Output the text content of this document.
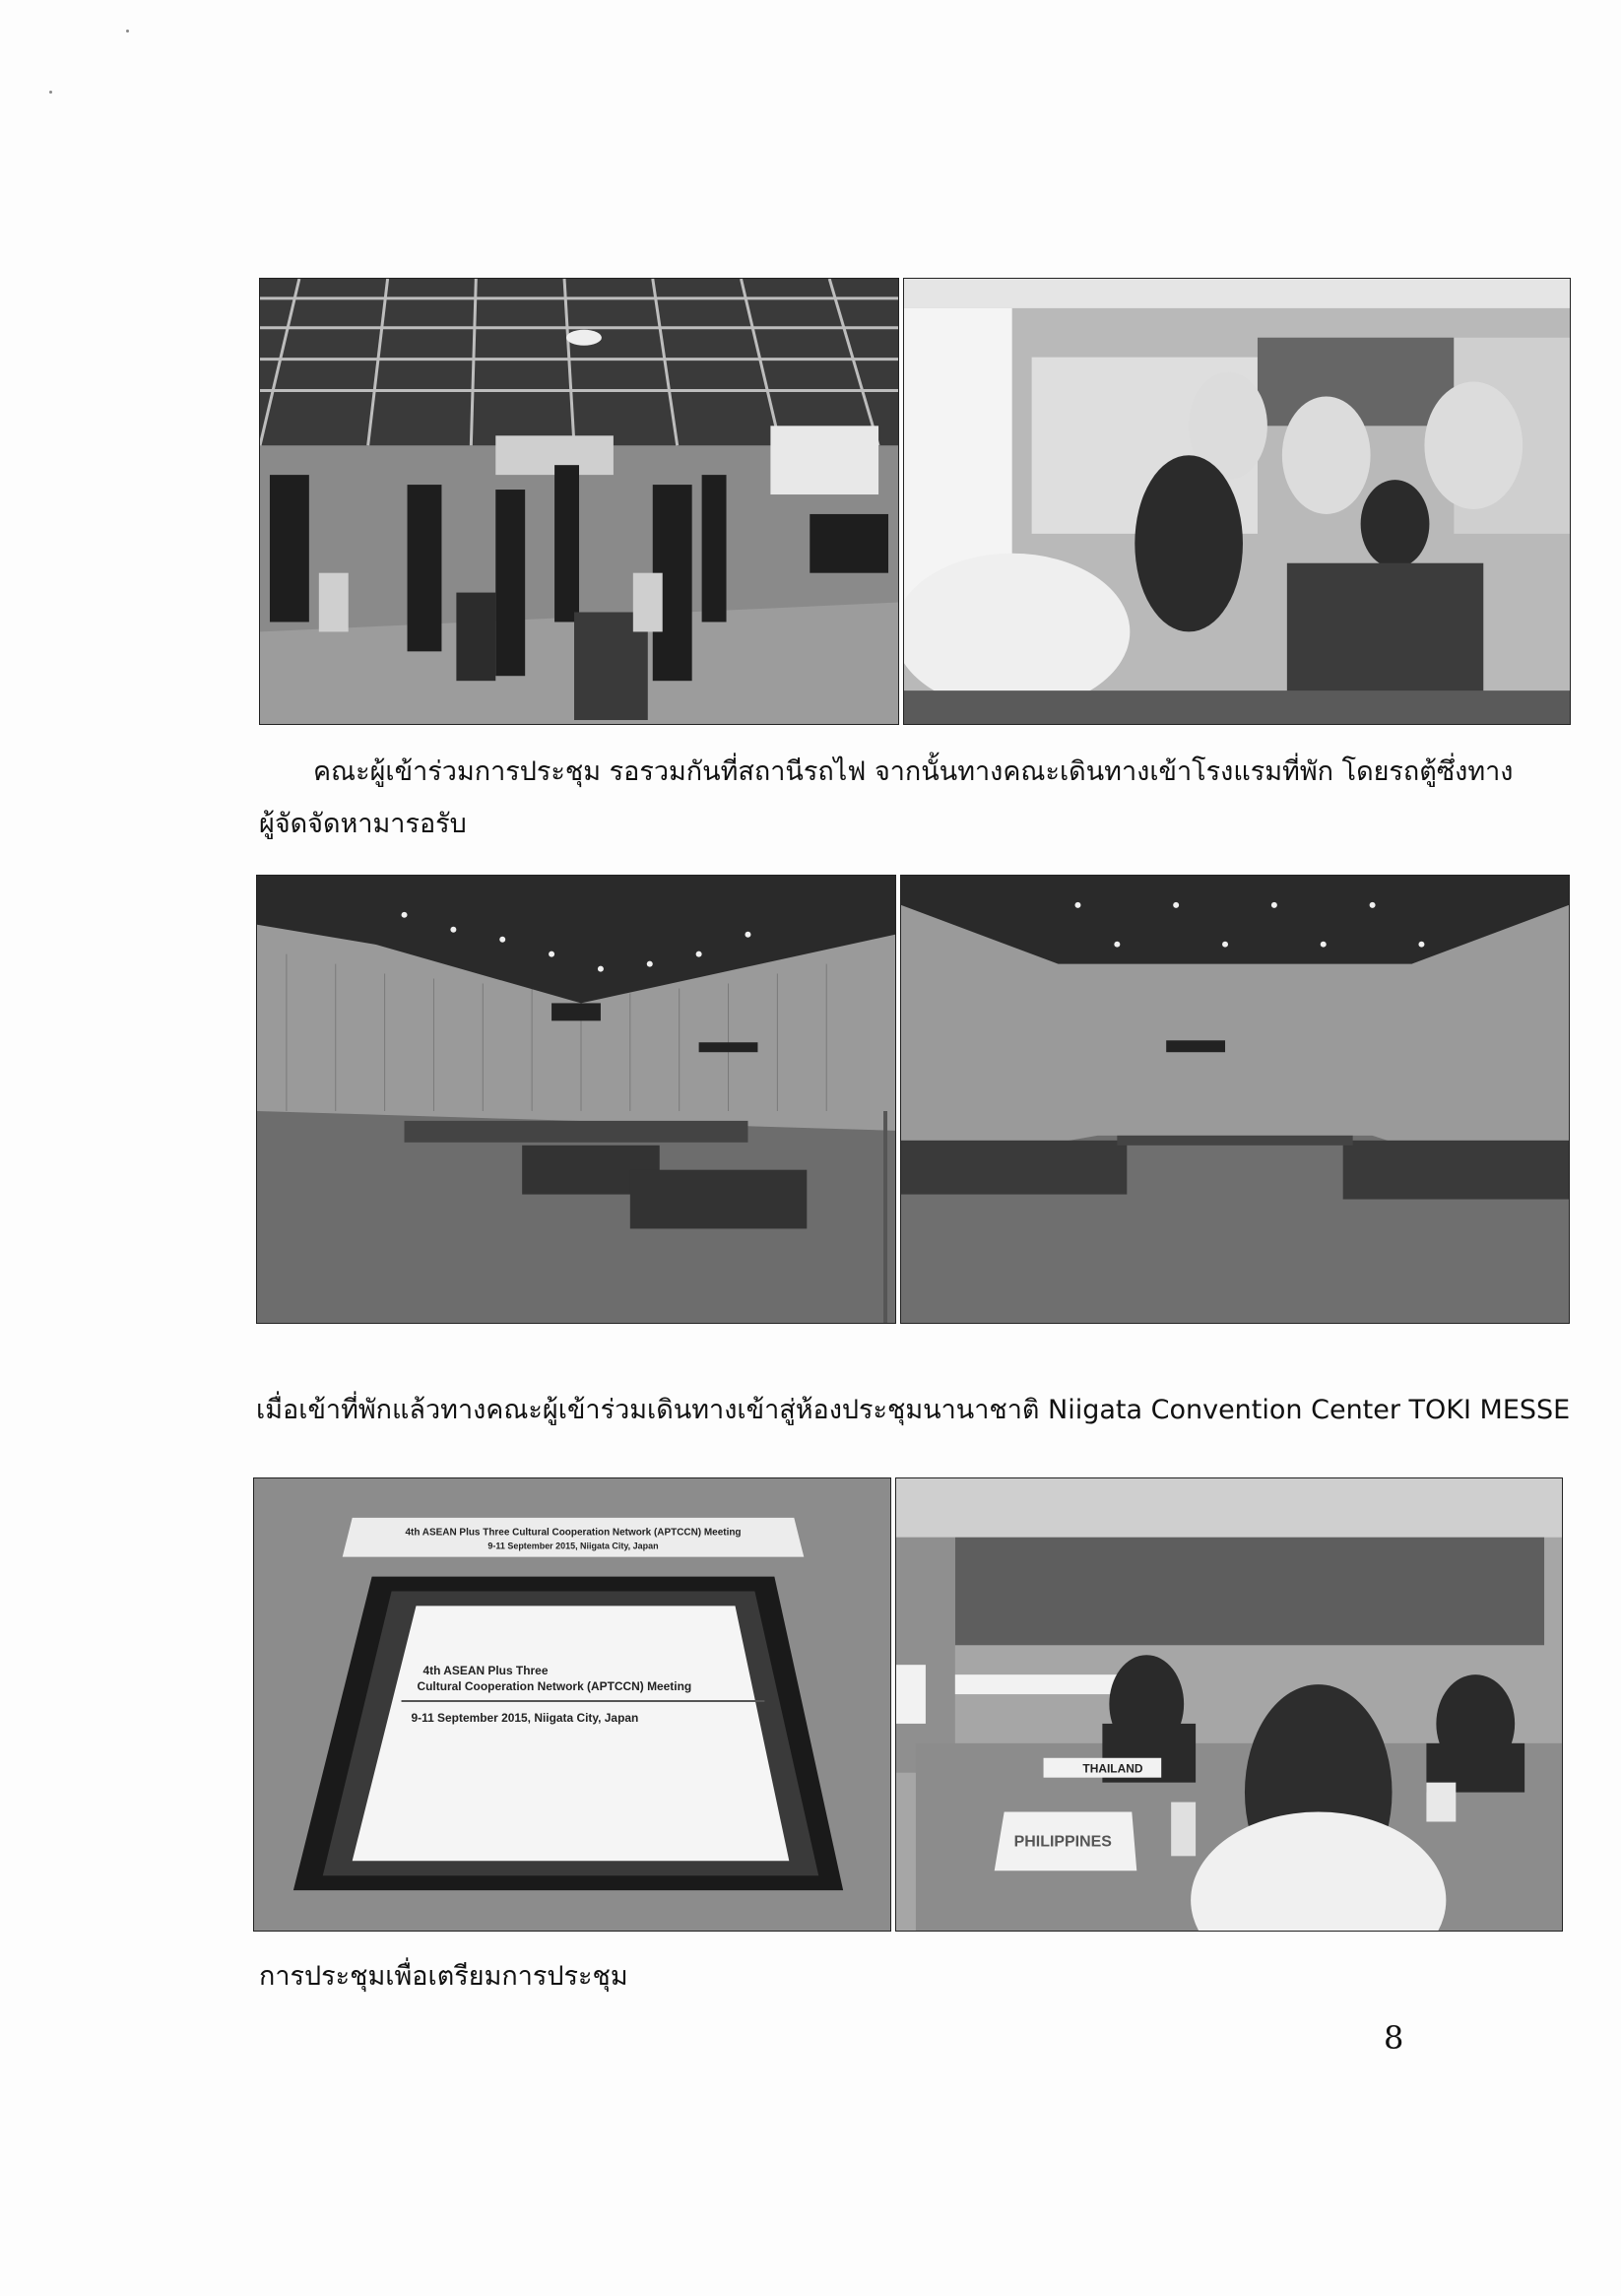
คณะผู้เข้าร่วมการประชุม รอรวมกันที่สถานีรถไฟ จากนั้นทางคณะเดินทางเข้าโรงแรมที่พัก โดยรถตู้ซึ่งทาง

ผู้จัดจัดหามารอรับ

เมื่อเข้าที่พักแล้วทางคณะผู้เข้าร่วมเดินทางเข้าสู่ห้องประชุมนานาชาติ Niigata Convention Center TOKI MESSE

4th ASEAN Plus Three Cultural Cooperation Network (APTCCN) Meeting
9-11 September 2015, Niigata City, Japan
4th ASEAN Plus Three
Cultural Cooperation Network (APTCCN) Meeting
9-11 September 2015, Niigata City, Japan
THAILAND
PHILIPPINES

การประชุมเพื่อเตรียมการประชุม

8
